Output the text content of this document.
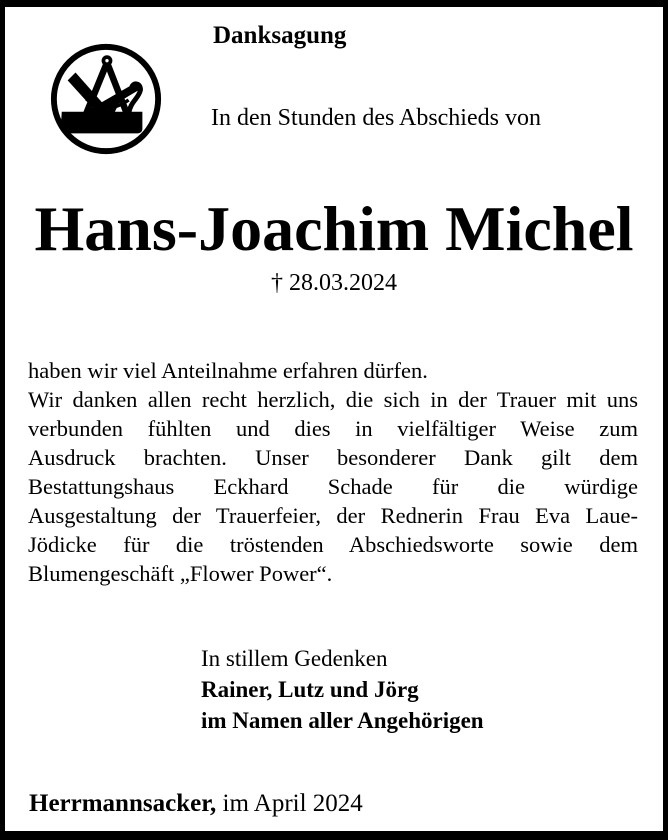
Danksagung
In den Stunden des Abschieds von
Hans-Joachim Michel
† 28.03.2024
haben wir viel Anteilnahme erfahren dürfen.
Wir danken allen recht herzlich, die sich in der Trauer mit uns
verbunden fühlten und dies in vielfältiger Weise zum
Ausdruck brachten. Unser besonderer Dank gilt dem
Bestattungshaus Eckhard Schade für die würdige
Ausgestaltung der Trauerfeier, der Rednerin Frau Eva Laue-
Jödicke für die tröstenden Abschiedsworte sowie dem
Blumengeschäft „Flower Power“.
In stillem Gedenken
Rainer, Lutz und Jörg
im Namen aller Angehörigen
Herrmannsacker, im April 2024
